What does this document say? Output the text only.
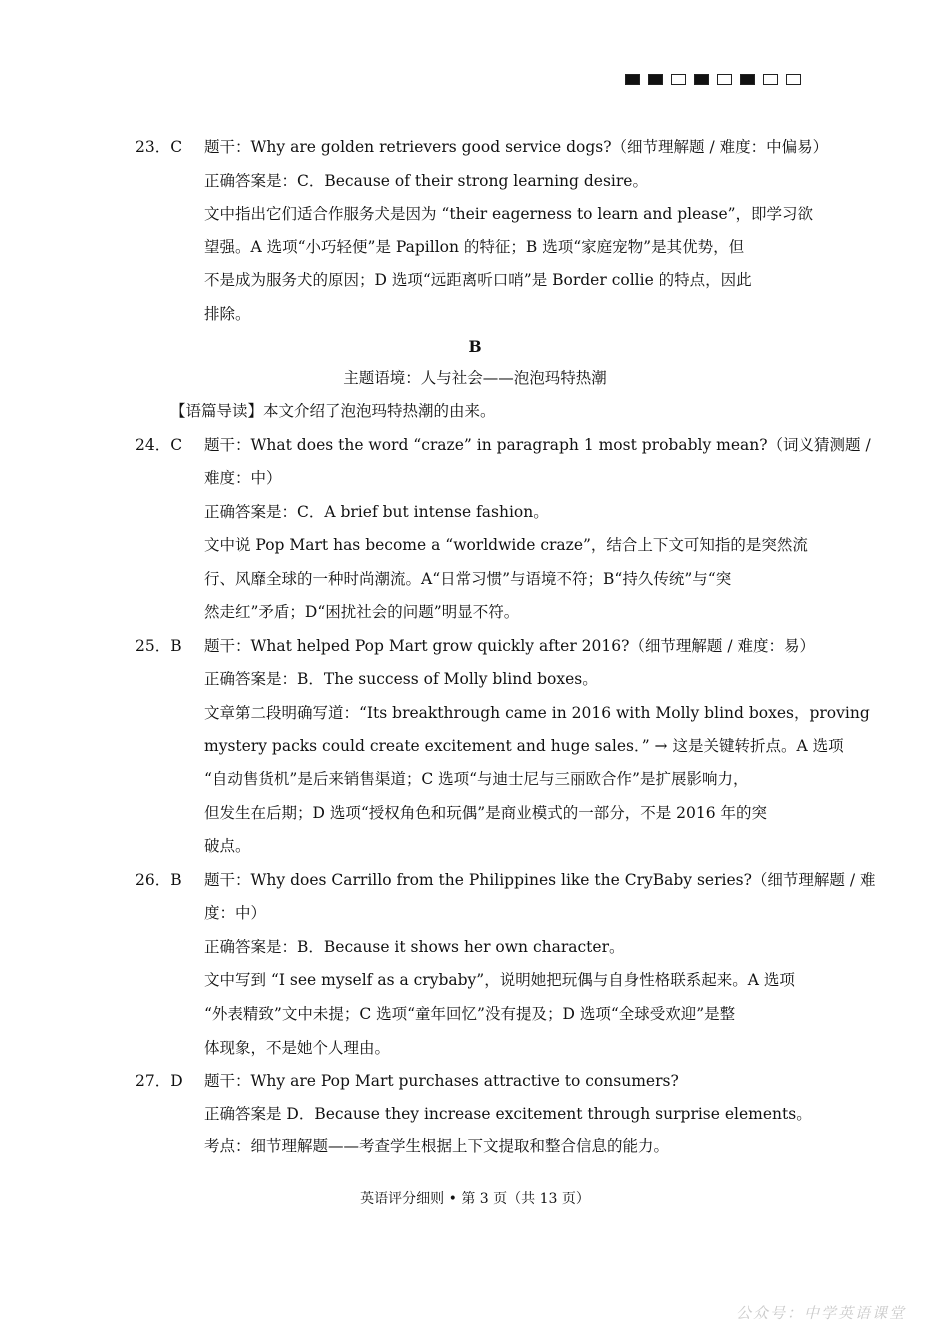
23．C 题干：Why are golden retrievers good service dogs?（细节理解题 / 难度：中偏易）
正确答案是：C．Because of their strong learning desire。
文中指出它们适合作服务犬是因为 “their eagerness to learn and please”，即学习欲
望强。A 选项“小巧轻便”是 Papillon 的特征；B 选项“家庭宠物”是其优势，但
不是成为服务犬的原因；D 选项“远距离听口哨”是 Border collie 的特点，因此
排除。
B
主题语境：人与社会——泡泡玛特热潮
【语篇导读】本文介绍了泡泡玛特热潮的由来。
24．C 题干：What does the word “craze” in paragraph 1 most probably mean?（词义猜测题 /
难度：中）
正确答案是：C．A brief but intense fashion。
文中说 Pop Mart has become a “worldwide craze”，结合上下文可知指的是突然流
行、风靡全球的一种时尚潮流。A“日常习惯”与语境不符；B“持久传统”与“突
然走红”矛盾；D“困扰社会的问题”明显不符。
25．B 题干：What helped Pop Mart grow quickly after 2016?（细节理解题 / 难度：易）
正确答案是：B．The success of Molly blind boxes。
文章第二段明确写道：“Its breakthrough came in 2016 with Molly blind boxes，proving
mystery packs could create excitement and huge sales．” → 这是关键转折点。A 选项
“自动售货机”是后来销售渠道；C 选项“与迪士尼与三丽欧合作”是扩展影响力，
但发生在后期；D 选项“授权角色和玩偶”是商业模式的一部分，不是 2016 年的突
破点。
26．B 题干：Why does Carrillo from the Philippines like the CryBaby series?（细节理解题 / 难
度：中）
正确答案是：B．Because it shows her own character。
文中写到 “I see myself as a crybaby”，说明她把玩偶与自身性格联系起来。A 选项
“外表精致”文中未提；C 选项“童年回忆”没有提及；D 选项“全球受欢迎”是整
体现象，不是她个人理由。
27．D 题干：Why are Pop Mart purchases attractive to consumers?
正确答案是 D．Because they increase excitement through surprise elements。
考点：细节理解题——考查学生根据上下文提取和整合信息的能力。
英语评分细则 • 第 3 页（共 13 页）
公众号：中学英语课堂
